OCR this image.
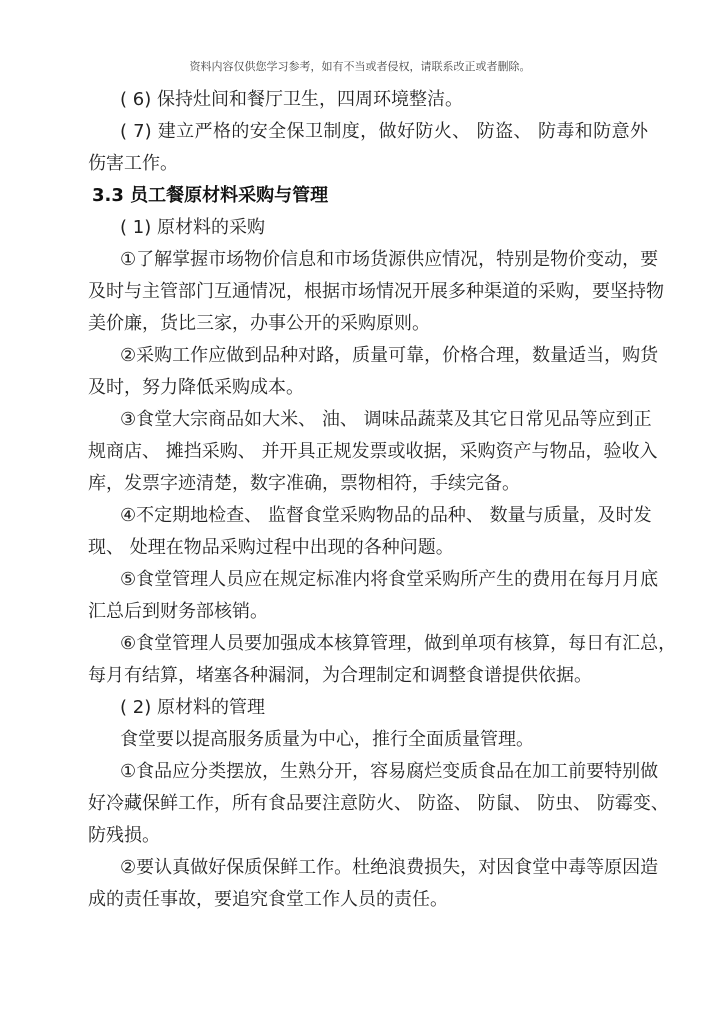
资料内容仅供您学习参考，如有不当或者侵权，请联系改正或者删除。
( 6) 保持灶间和餐厅卫生，四周环境整洁。
( 7) 建立严格的安全保卫制度，做好防火、 防盗、 防毒和防意外
伤害工作。
3.3 员工餐原材料采购与管理
( 1) 原材料的采购
①了解掌握市场物价信息和市场货源供应情况，特别是物价变动，要
及时与主管部门互通情况，根据市场情况开展多种渠道的采购，要坚持物
美价廉，货比三家，办事公开的采购原则。
②采购工作应做到品种对路，质量可靠，价格合理，数量适当，购货
及时，努力降低采购成本。
③食堂大宗商品如大米、 油、 调味品蔬菜及其它日常见品等应到正
规商店、 摊挡采购、 并开具正规发票或收据，采购资产与物品，验收入
库，发票字迹清楚，数字准确，票物相符，手续完备。
④不定期地检查、 监督食堂采购物品的品种、 数量与质量，及时发
现、 处理在物品采购过程中出现的各种问题。
⑤食堂管理人员应在规定标准内将食堂采购所产生的费用在每月月底
汇总后到财务部核销。
⑥食堂管理人员要加强成本核算管理，做到单项有核算，每日有汇总，
每月有结算，堵塞各种漏洞，为合理制定和调整食谱提供依据。
( 2) 原材料的管理
食堂要以提高服务质量为中心，推行全面质量管理。
①食品应分类摆放，生熟分开，容易腐烂变质食品在加工前要特别做
好冷藏保鲜工作，所有食品要注意防火、 防盗、 防鼠、 防虫、 防霉变、
防残损。
②要认真做好保质保鲜工作。杜绝浪费损失，对因食堂中毒等原因造
成的责任事故，要追究食堂工作人员的责任。
